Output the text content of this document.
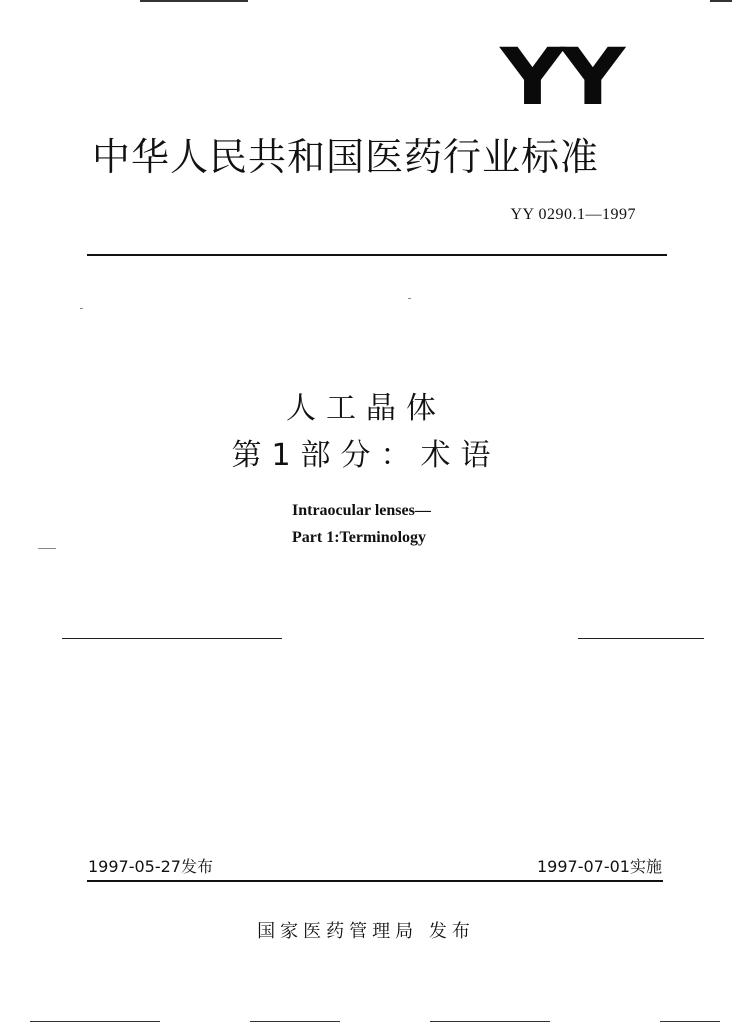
YY
中华人民共和国医药行业标准
YY 0290.1—1997
人工晶体
第1部分：术语
Intraocular lenses—
Part 1:Terminology
1997-05-27发布	1997-07-01实施
国家医药管理局 发布
